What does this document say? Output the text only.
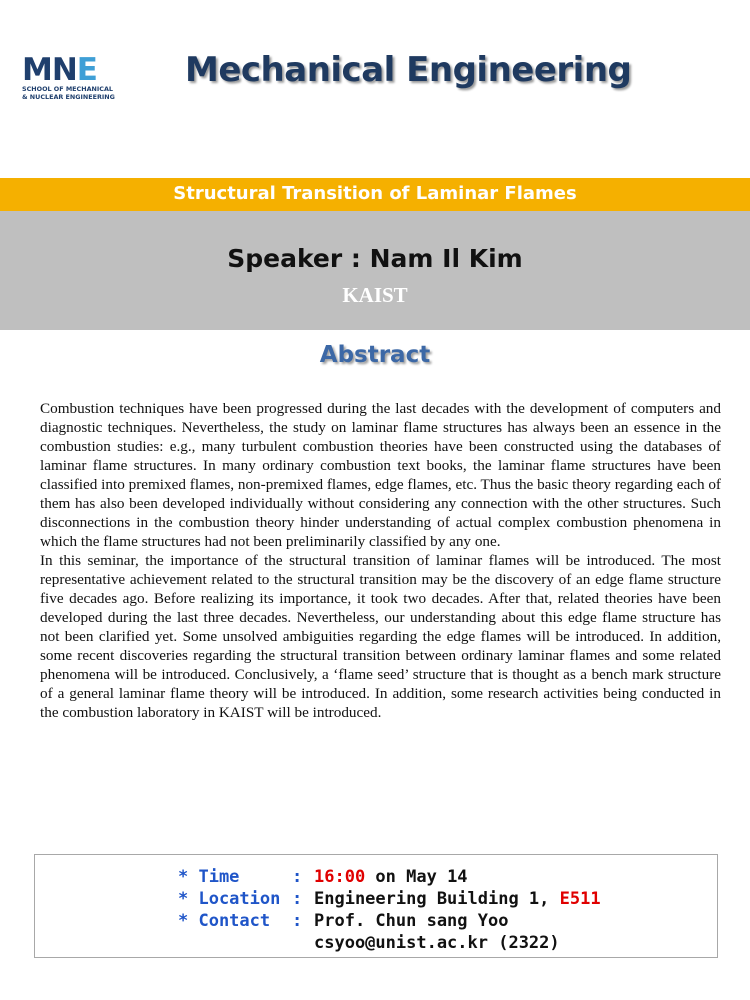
MNE
SCHOOL OF MECHANICAL
& NUCLEAR ENGINEERING
Mechanical Engineering
Structural Transition of Laminar Flames
Speaker : Nam Il Kim
KAIST
Abstract

Combustion techniques have been progressed during the last decades with the development of computers and diagnostic techniques. Nevertheless, the study on laminar flame structures has always been an essence in the combustion studies: e.g., many turbulent combustion theories have been constructed using the databases of laminar flame structures. In many ordinary combustion text books, the laminar flame structures have been classified into premixed flames, non-premixed flames, edge flames, etc. Thus the basic theory regarding each of them has also been developed individually without considering any connection with the other structures. Such disconnections in the combustion theory hinder understanding of actual complex combustion phenomena in which the flame structures had not been preliminarily classified by any one.

In this seminar, the importance of the structural transition of laminar flames will be introduced. The most representative achievement related to the structural transition may be the discovery of an edge flame structure five decades ago. Before realizing its importance, it took two decades. After that, related theories have been developed during the last three decades. Nevertheless, our understanding about this edge flame structure has not been clarified yet. Some unsolved ambiguities regarding the edge flames will be introduced. In addition, some recent discoveries regarding the structural transition between ordinary laminar flames and some related phenomena will be introduced. Conclusively, a ‘flame seed’ structure that is thought as a bench mark structure of a general laminar flame theory will be introduced. In addition, some research activities being conducted in the combustion laboratory in KAIST will be introduced.

* Time	: 16:00 on May 14
* Location : Engineering Building 1, E511
* Contact : Prof. Chun sang Yoo
csyoo@unist.ac.kr (2322)
